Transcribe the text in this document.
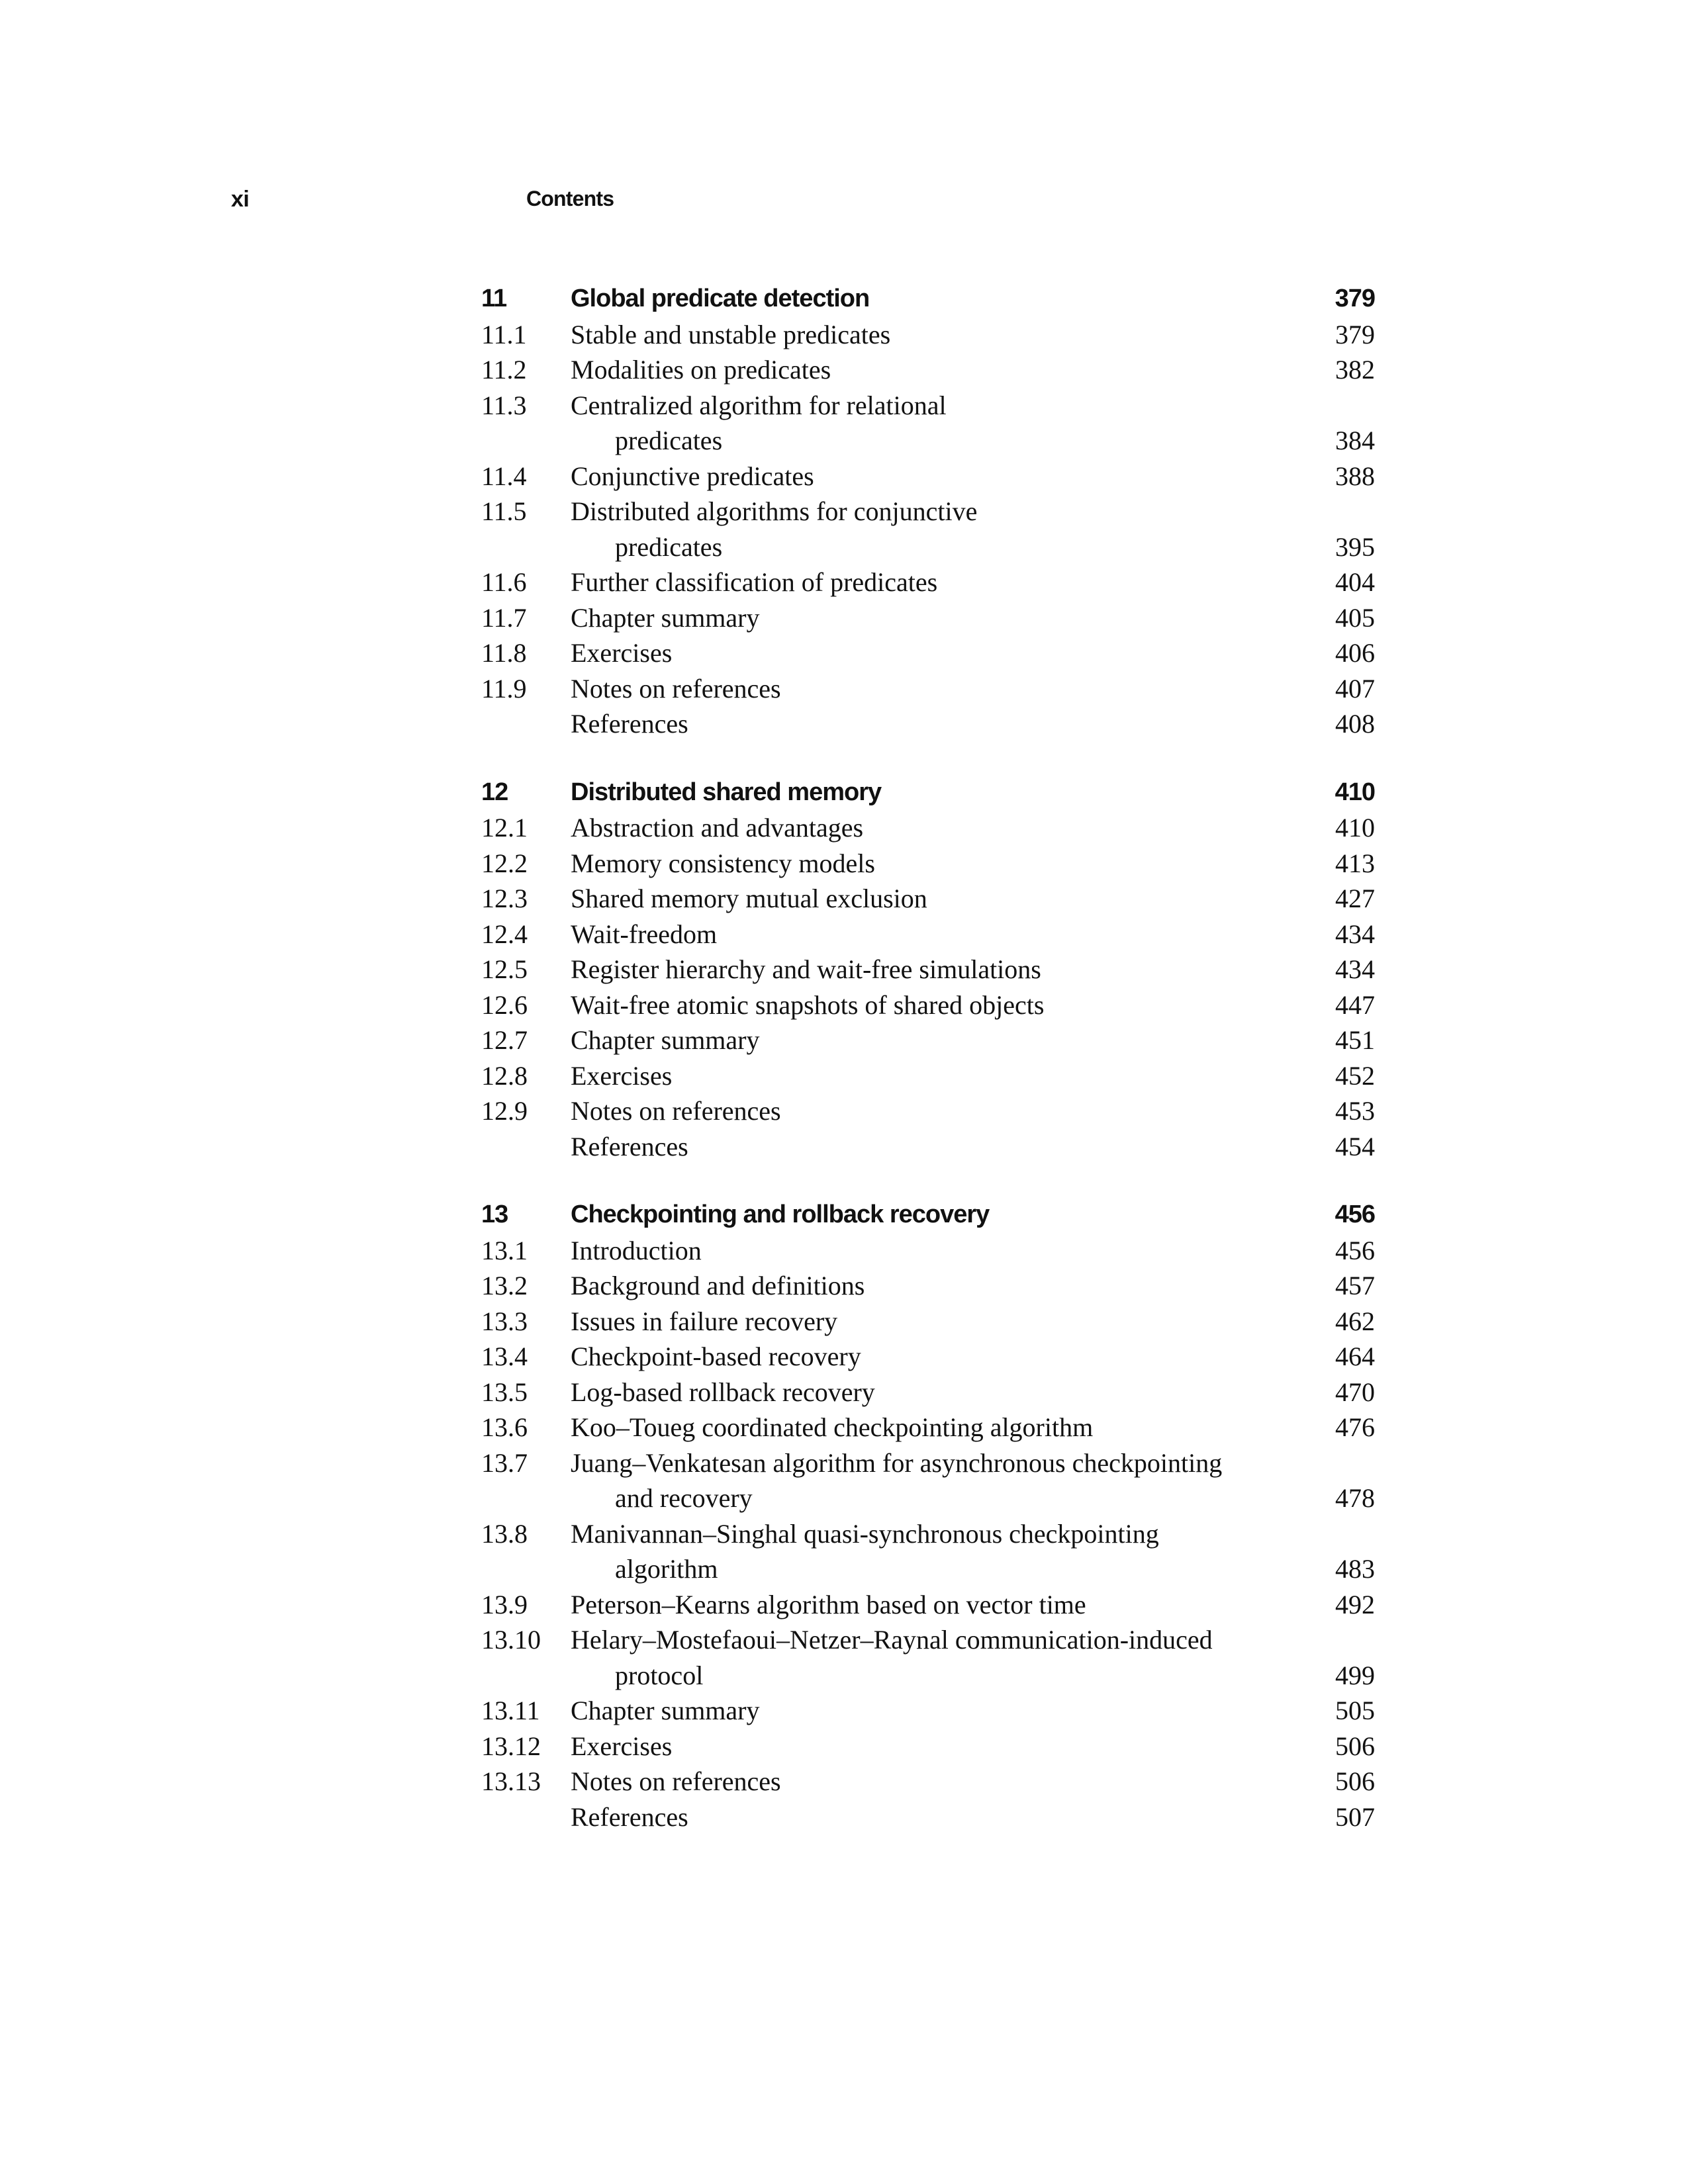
xi	Contents
11	Global predicate detection	379
11.1 Stable and unstable predicates	379
11.2 Modalities on predicates	382
11.3 Centralized algorithm for relational
predicates	384
11.4 Conjunctive predicates	388
11.5 Distributed algorithms for conjunctive
predicates	395
11.6 Further classification of predicates	404
11.7 Chapter summary	405
11.8 Exercises	406
11.9 Notes on references	407
References	408
12 Distributed shared memory	410
12.1 Abstraction and advantages	410
12.2 Memory consistency models	413
12.3 Shared memory mutual exclusion	427
12.4 Wait-freedom	434
12.5 Register hierarchy and wait-free simulations	434
12.6 Wait-free atomic snapshots of shared objects	447
12.7 Chapter summary	451
12.8 Exercises	452
12.9 Notes on references	453
References	454
13 Checkpointing and rollback recovery	456
13.1 Introduction	456
13.2 Background and definitions	457
13.3 Issues in failure recovery	462
13.4 Checkpoint-based recovery	464
13.5 Log-based rollback recovery	470
13.6 Koo–Toueg coordinated checkpointing algorithm	476
13.7 Juang–Venkatesan algorithm for asynchronous checkpointing
and recovery	478
13.8 Manivannan–Singhal quasi-synchronous checkpointing
algorithm	483
13.9 Peterson–Kearns algorithm based on vector time	492
13.10 Helary–Mostefaoui–Netzer–Raynal communication-induced
protocol	499
13.11 Chapter summary	505
13.12 Exercises	506
13.13 Notes on references	506
References	507
